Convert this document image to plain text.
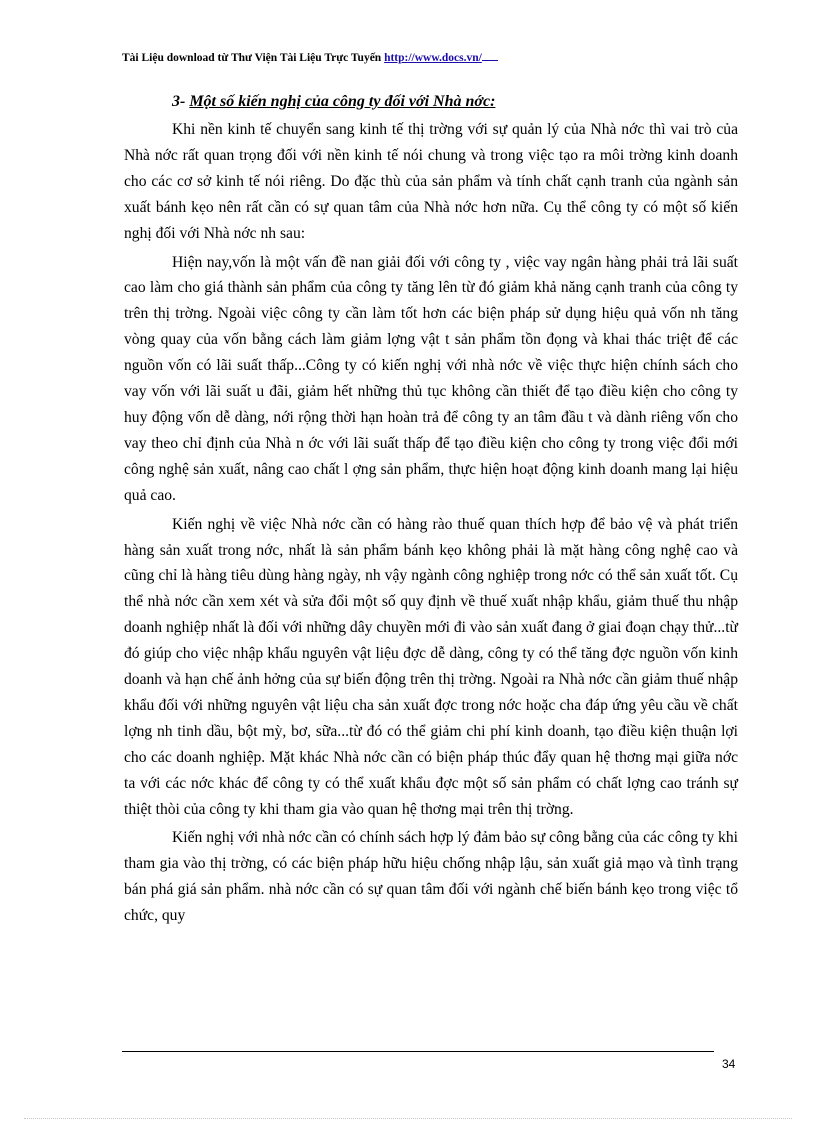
Tài Liệu download từ Thư Viện Tài Liệu Trực Tuyến http://www.docs.vn/
3- Một số kiến nghị của công ty đối với Nhà nớc:

Khi nền kinh tế chuyển sang kinh tế thị trờng với sự quản lý của Nhà nớc thì vai trò của Nhà nớc rất quan trọng đối với nền kinh tế nói chung và trong việc tạo ra môi trờng kinh doanh cho các cơ sở kinh tế nói riêng. Do đặc thù của sản phẩm và tính chất cạnh tranh của ngành sản xuất bánh kẹo nên rất cần có sự quan tâm của Nhà nớc hơn nữa. Cụ thể công ty có một số kiến nghị đối với Nhà nớc nh sau:

Hiện nay,vốn là một vấn đề nan giải đối với công ty , việc vay ngân hàng phải trả lãi suất cao làm cho giá thành sản phẩm của công ty tăng lên từ đó giảm khả năng cạnh tranh của công ty trên thị trờng. Ngoài việc công ty cần làm tốt hơn các biện pháp sử dụng hiệu quả vốn nh tăng vòng quay của vốn bằng cách làm giảm lợng vật t sản phẩm tồn đọng và khai thác triệt để các nguồn vốn có lãi suất thấp...Công ty có kiến nghị với nhà nớc về việc thực hiện chính sách cho vay vốn với lãi suất u đãi, giảm hết những thủ tục không cần thiết để tạo điều kiện cho công ty huy động vốn dễ dàng, nới rộng thời hạn hoàn trả để công ty an tâm đầu t và dành riêng vốn cho vay theo chỉ định của Nhà n ớc với lãi suất thấp để tạo điều kiện cho công ty trong việc đổi mới công nghệ sản xuất, nâng cao chất l ợng sản phẩm, thực hiện hoạt động kinh doanh mang lại hiệu quả cao.

Kiến nghị về việc Nhà nớc cần có hàng rào thuế quan thích hợp để bảo vệ và phát triển hàng sản xuất trong nớc, nhất là sản phẩm bánh kẹo không phải là mặt hàng công nghệ cao và cũng chỉ là hàng tiêu dùng hàng ngày, nh vậy ngành công nghiệp trong nớc có thể sản xuất tốt. Cụ thể nhà nớc cần xem xét và sửa đổi một số quy định về thuế xuất nhập khẩu, giảm thuế thu nhập doanh nghiệp nhất là đối với những dây chuyền mới đi vào sản xuất đang ở giai đoạn chạy thử...từ đó giúp cho việc nhập khẩu nguyên vật liệu đợc dễ dàng, công ty có thể tăng đợc nguồn vốn kinh doanh và hạn chế ảnh hởng của sự biến động trên thị trờng. Ngoài ra Nhà nớc cần giảm thuế nhập khẩu đối với những nguyên vật liệu cha sản xuất đợc trong nớc hoặc cha đáp ứng yêu cầu về chất lợng nh tinh dầu, bột mỳ, bơ, sữa...từ đó có thể giảm chi phí kinh doanh, tạo điều kiện thuận lợi cho các doanh nghiệp. Mặt khác Nhà nớc cần có biện pháp thúc đẩy quan hệ thơng mại giữa nớc ta với các nớc khác để công ty có thể xuất khẩu đợc một số sản phẩm có chất lợng cao tránh sự thiệt thòi của công ty khi tham gia vào quan hệ thơng mại trên thị trờng.

Kiến nghị với nhà nớc cần có chính sách hợp lý đảm bảo sự công bằng của các công ty khi tham gia vào thị trờng, có các biện pháp hữu hiệu chống nhập lậu, sản xuất giả mạo và tình trạng bán phá giá sản phẩm. nhà nớc cần có sự quan tâm đối với ngành chế biến bánh kẹo trong việc tổ chức, quy

34
